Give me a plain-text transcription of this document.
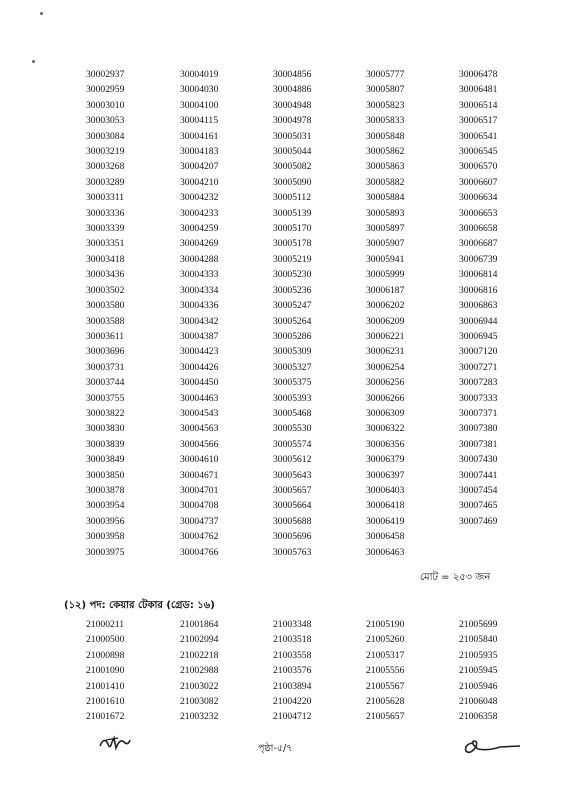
30002937
30002959
30003010
30003053
30003084
30003219
30003268
30003289
30003311
30003336
30003339
30003351
30003418
30003436
30003502
30003580
30003588
30003611
30003696
30003731
30003744
30003755
30003822
30003830
30003839
30003849
30003850
30003878
30003954
30003956
30003958
30003975
30004019
30004030
30004100
30004115
30004161
30004183
30004207
30004210
30004232
30004233
30004259
30004269
30004288
30004333
30004334
30004336
30004342
30004387
30004423
30004426
30004450
30004463
30004543
30004563
30004566
30004610
30004671
30004701
30004708
30004737
30004762
30004766
30004856
30004886
30004948
30004978
30005031
30005044
30005082
30005090
30005112
30005139
30005170
30005178
30005219
30005230
30005236
30005247
30005264
30005286
30005309
30005327
30005375
30005393
30005468
30005530
30005574
30005612
30005643
30005657
30005664
30005688
30005696
30005763
30005777
30005807
30005823
30005833
30005848
30005862
30005863
30005882
30005884
30005893
30005897
30005907
30005941
30005999
30006187
30006202
30006209
30006221
30006231
30006254
30006256
30006266
30006309
30006322
30006356
30006379
30006397
30006403
30006418
30006419
30006458
30006463
30006478
30006481
30006514
30006517
30006541
30006545
30006570
30006607
30006634
30006653
30006658
30006687
30006739
30006814
30006816
30006863
30006944
30006945
30007120
30007271
30007283
30007333
30007371
30007380
30007381
30007430
30007441
30007454
30007465
30007469
মোট = ২৫৩ জন
(১২) পদ: কেয়ার টেকার (গ্রেড: ১৬)
21000211
21000500
21000898
21001090
21001410
21001610
21001672
21001864
21002094
21002218
21002988
21003022
21003082
21003232
21003348
21003518
21003558
21003576
21003894
21004220
21004712
21005190
21005260
21005317
21005556
21005567
21005628
21005657
21005699
21005840
21005935
21005945
21005946
21006048
21006358
পৃষ্ঠা-৫/৭
